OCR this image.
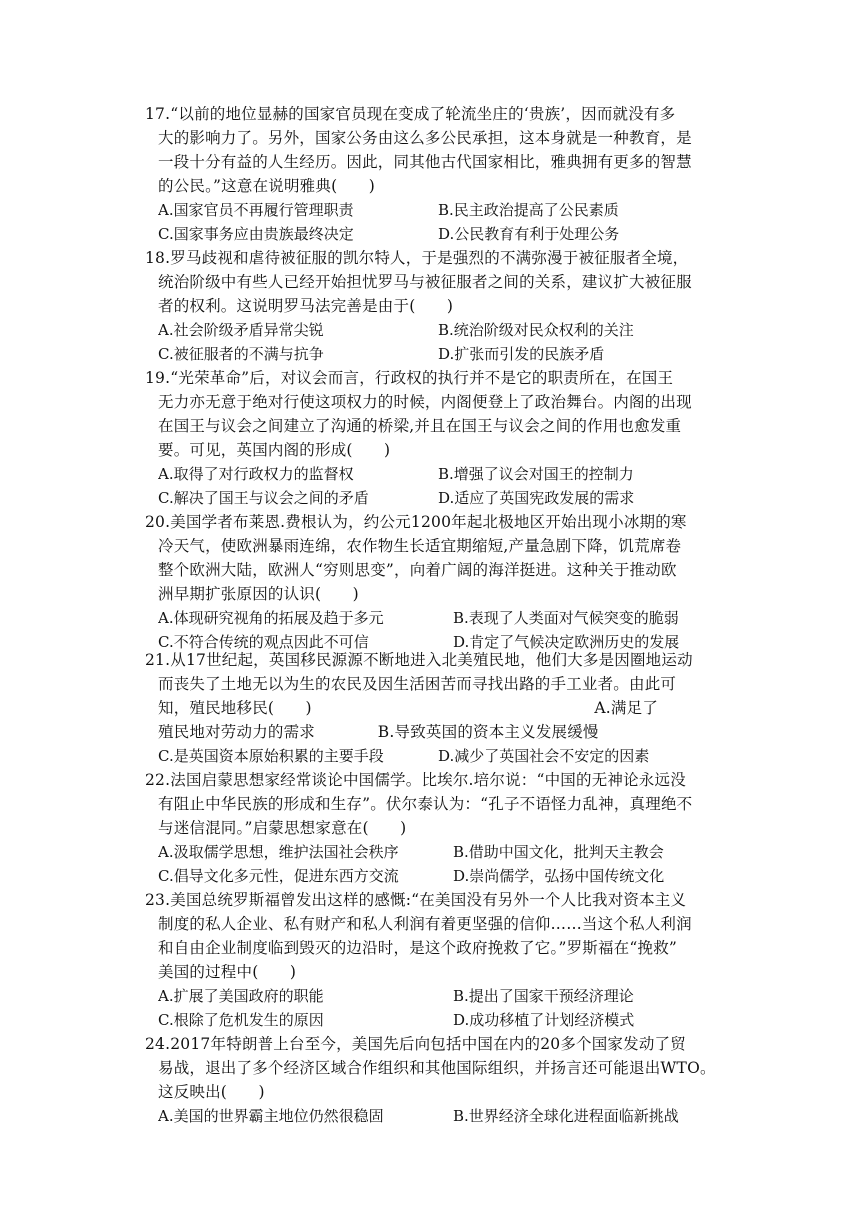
17.“以前的地位显赫的国家官员现在变成了轮流坐庄的‘贵族’，因而就没有多
大的影响力了。另外，国家公务由这么多公民承担，这本身就是一种教育，是
一段十分有益的人生经历。因此，同其他古代国家相比，雅典拥有更多的智慧
的公民。”这意在说明雅典(　　)
A.国家官员不再履行管理职责	B.民主政治提高了公民素质
C.国家事务应由贵族最终决定	D.公民教育有利于处理公务
18.罗马歧视和虐待被征服的凯尔特人，于是强烈的不满弥漫于被征服者全境，
统治阶级中有些人已经开始担忧罗马与被征服者之间的关系，建议扩大被征服
者的权利。这说明罗马法完善是由于(　　)
A.社会阶级矛盾异常尖锐	B.统治阶级对民众权利的关注
C.被征服者的不满与抗争	D.扩张而引发的民族矛盾
19.“光荣革命”后，对议会而言，行政权的执行并不是它的职责所在，在国王
无力亦无意于绝对行使这项权力的时候，内阁便登上了政治舞台。内阁的出现
在国王与议会之间建立了沟通的桥梁,并且在国王与议会之间的作用也愈发重
要。可见，英国内阁的形成(　　)
A.取得了对行政权力的监督权	B.增强了议会对国王的控制力
C.解决了国王与议会之间的矛盾	D.适应了英国宪政发展的需求
20.美国学者布莱恩.费根认为，约公元1200年起北极地区开始出现小冰期的寒
冷天气，使欧洲暴雨连绵，农作物生长适宜期缩短,产量急剧下降，饥荒席卷
整个欧洲大陆，欧洲人“穷则思变”，向着广阔的海洋挺进。这种关于推动欧
洲早期扩张原因的认识(　　)
A.体现研究视角的拓展及趋于多元	B.表现了人类面对气候突变的脆弱
C.不符合传统的观点因此不可信	D.肯定了气候决定欧洲历史的发展
21.从17世纪起，英国移民源源不断地进入北美殖民地，他们大多是因圈地运动
而丧失了土地无以为生的农民及因生活困苦而寻找出路的手工业者。由此可
知，殖民地移民(　　)　　　　　　　　　　　　　　　　　　A.满足了
殖民地对劳动力的需求　　　　B.导致英国的资本主义发展缓慢
C.是英国资本原始积累的主要手段	D.减少了英国社会不安定的因素
22.法国启蒙思想家经常谈论中国儒学。比埃尔.培尔说：“中国的无神论永远没
有阻止中华民族的形成和生存”。伏尔泰认为：“孔子不语怪力乱神，真理绝不
与迷信混同。”启蒙思想家意在(　　)
A.汲取儒学思想，维护法国社会秩序	B.借助中国文化，批判天主教会
C.倡导文化多元性，促进东西方交流	D.崇尚儒学，弘扬中国传统文化
23.美国总统罗斯福曾发出这样的感慨:“在美国没有另外一个人比我对资本主义
制度的私人企业、私有财产和私人利润有着更坚强的信仰……当这个私人利润
和自由企业制度临到毁灭的边沿时，是这个政府挽救了它。”罗斯福在“挽救”
美国的过程中(　　)
A.扩展了美国政府的职能	B.提出了国家干预经济理论
C.根除了危机发生的原因	D.成功移植了计划经济模式
24.2017年特朗普上台至今，美国先后向包括中国在内的20多个国家发动了贸
易战，退出了多个经济区域合作组织和其他国际组织，并扬言还可能退出WTO。
这反映出(　　)
A.美国的世界霸主地位仍然很稳固	B.世界经济全球化进程面临新挑战
